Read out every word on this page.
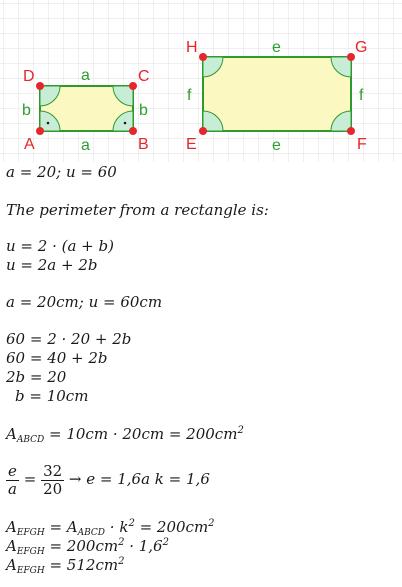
A	B
C
D	a
a
b	b
E	F
G
H	e
e
f	f
a = 20; u = 60
The perimeter from a rectangle is:
u = 2 · (a + b)
u = 2a + 2b
a = 20cm; u = 60cm
60 = 2 · 20 + 2b
60 = 40 + 2b
2b = 20
b = 10cm
$A_{ABCD} = 10cm \cdot 20cm = 200cm^2$
$\frac{e}{a} = \frac{32}{20} \to e = 1,6a$ k = 1,6
$A_{EFGH} = A_{ABCD} \cdot k^2 = 200cm^2$
$A_{EFGH} = 200cm^2 \cdot 1,6^2$
$A_{EFGH} = 512cm^2$
